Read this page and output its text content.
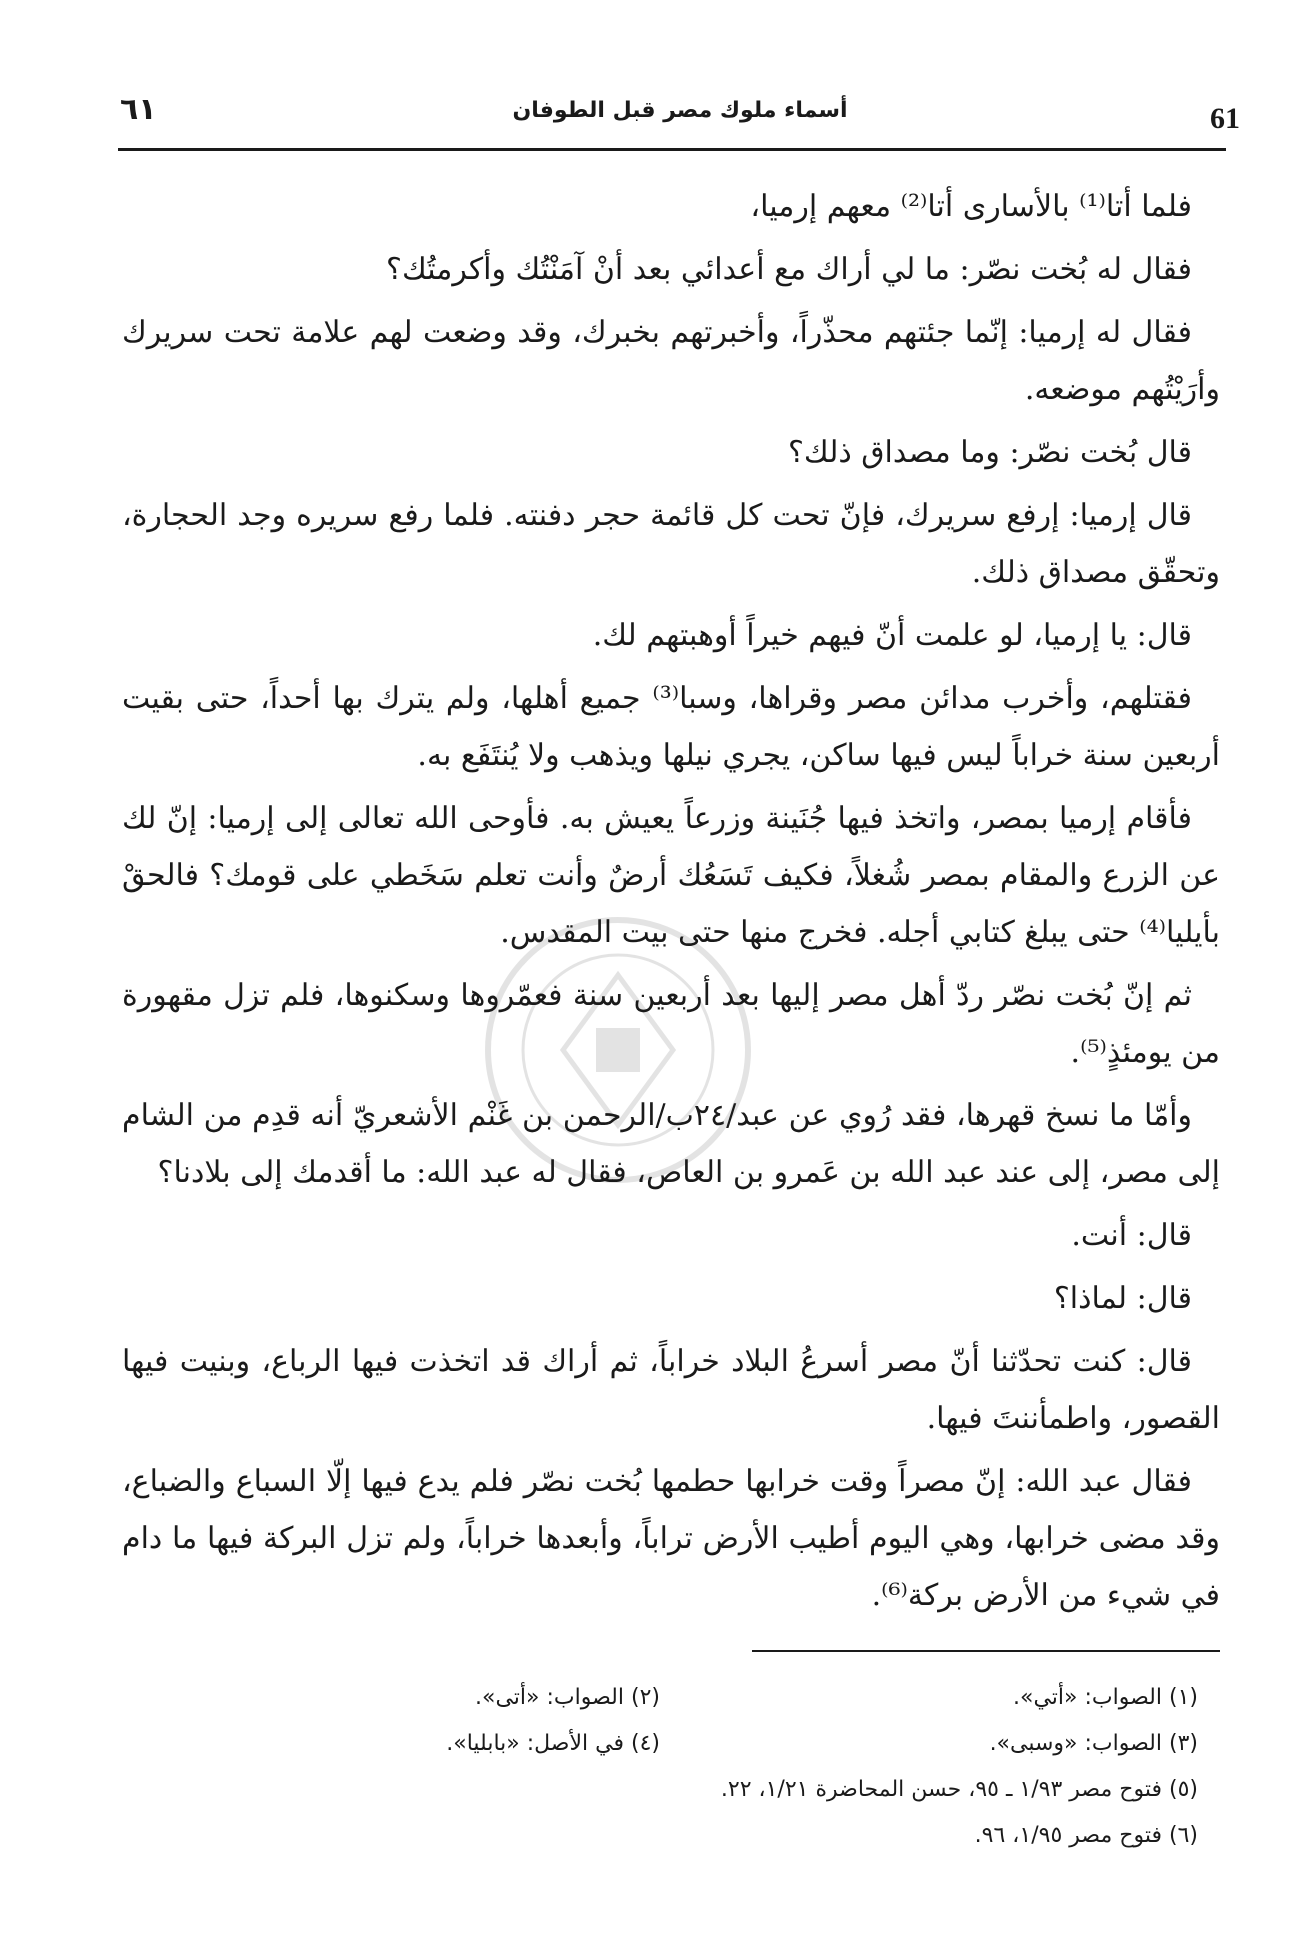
٦١	أسماء ملوك مصر قبل الطوفان	61

فلما أتا⁽¹⁾ بالأسارى أتا⁽²⁾ معهم إرميا،

فقال له بُخت نصّر: ما لي أراك مع أعدائي بعد أنْ آمَنْتُك وأكرمتُك؟

فقال له إرميا: إنّما جئتهم محذّراً، وأخبرتهم بخبرك، وقد وضعت لهم علامة تحت سريرك وأرَيْتُهم موضعه.

قال بُخت نصّر: وما مصداق ذلك؟

قال إرميا: إرفع سريرك، فإنّ تحت كل قائمة حجر دفنته. فلما رفع سريره وجد الحجارة، وتحقّق مصداق ذلك.

قال: يا إرميا، لو علمت أنّ فيهم خيراً أوهبتهم لك.

فقتلهم، وأخرب مدائن مصر وقراها، وسبا⁽³⁾ جميع أهلها، ولم يترك بها أحداً، حتى بقيت أربعين سنة خراباً ليس فيها ساكن، يجري نيلها ويذهب ولا يُنتَفَع به.

فأقام إرميا بمصر، واتخذ فيها جُنَينة وزرعاً يعيش به. فأوحى الله تعالى إلى إرميا: إنّ لك عن الزرع والمقام بمصر شُغلاً، فكيف تَسَعُك أرضٌ وأنت تعلم سَخَطي على قومك؟ فالحقْ بأيليا⁽⁴⁾ حتى يبلغ كتابي أجله. فخرج منها حتى بيت المقدس.

ثم إنّ بُخت نصّر ردّ أهل مصر إليها بعد أربعين سنة فعمّروها وسكنوها، فلم تزل مقهورة من يومئذٍ⁽⁵⁾.

وأمّا ما نسخ قهرها، فقد رُوي عن عبد/٢٤ب/الرحمن بن غَنْم الأشعريّ أنه قدِم من الشام إلى مصر، إلى عند عبد الله بن عَمرو بن العاص، فقال له عبد الله: ما أقدمك إلى بلادنا؟

قال: أنت.

قال: لماذا؟

قال: كنت تحدّثنا أنّ مصر أسرعُ البلاد خراباً، ثم أراك قد اتخذت فيها الرباع، وبنيت فيها القصور، واطمأننتَ فيها.

فقال عبد الله: إنّ مصراً وقت خرابها حطمها بُخت نصّر فلم يدع فيها إلّا السباع والضباع، وقد مضى خرابها، وهي اليوم أطيب الأرض تراباً، وأبعدها خراباً، ولم تزل البركة فيها ما دام في شيء من الأرض بركة⁽⁶⁾.

(١) الصواب: «أتي».
(٢) الصواب: «أتى».
(٣) الصواب: «وسبى».
(٤) في الأصل: «بابليا».
(٥) فتوح مصر ١/٩٣ ـ ٩٥، حسن المحاضرة ١/٢١، ٢٢.
(٦) فتوح مصر ١/٩٥، ٩٦.
